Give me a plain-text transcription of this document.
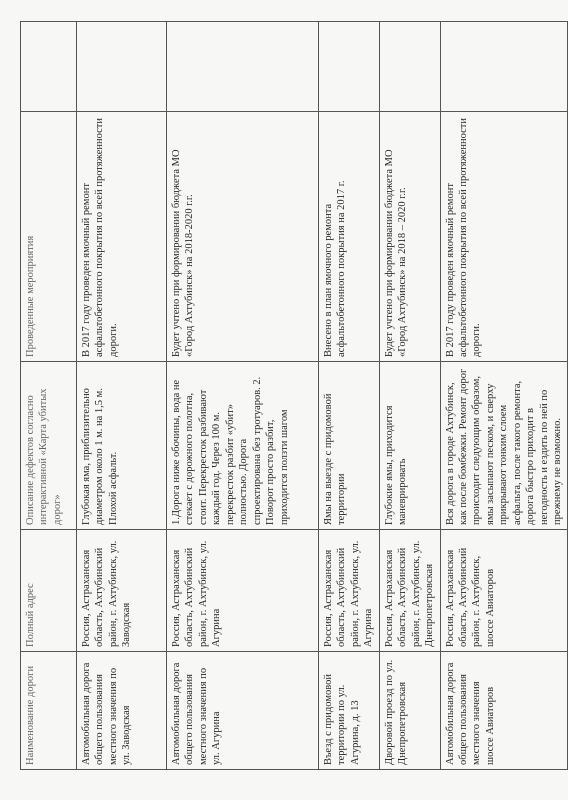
Наименование дороги	Полный адрес	Описание дефектов согласно интерактивной «Карта убитых дорог»	Проведенные мероприятия	
Автомобильная дорога общего пользования местного значения по ул. Заводская	Россия, Астраханская область, Ахтубинский район, г. Ахтубинск, ул. Заводская	Глубокая яма, приблизительно диаметром около 1 м. на 1,5 м. Плохой асфальт.	В 2017 году проведен ямочный ремонт асфальтобетонного покрытия по всей протяженности дороги.	
Автомобильная дорога общего пользования местного значения по ул. Агурина	Россия, Астраханская область, Ахтубинский район, г. Ахтубинск, ул. Агурина	1.Дорога ниже обочины, вода не стекает с дорожного полотна, стоит. Перекресток разбивают каждый год. Через 100 м. перекресток разбит «убит» полностью. Дорога спроектирована без тротуаров. 2. Поворот просто разбит, приходится ползти шагом	Будет учтено при формировании бюджета МО «Город Ахтубинск» на 2018-2020 г.г.	
Въезд с придомовой территории по ул. Агурина, д. 13	Россия, Астраханская область, Ахтубинский район, г. Ахтубинск, ул. Агурина	Ямы на выезде с придомовой территории	Внесено в план ямочного ремонта асфальтобетонного покрытия на 2017 г.	
Дворовой проезд по ул. Днепропетровская	Россия, Астраханская область, Ахтубинский район, г. Ахтубинск, ул. Днепропетровская	Глубокие ямы, приходится маневрировать	Будет учтено при формировании бюджета МО «Город Ахтубинск» на 2018 – 2020 г.г.	
Автомобильная дорога общего пользования местного значения шоссе Авиаторов	Россия, Астраханская область, Ахтубинский район, г. Ахтубинск, шоссе Авиаторов	Вся дорога в городе Ахтубинск, как после бомбежки. Ремонт дорог происходит следующим образом, ямы засыпают песком, и сверху прикрывают тонким слоем асфальта, после такого ремонта, дорога быстро приходит в негодность и ездить по ней по прежнему не возможно.	В 2017 году проведен ямочный ремонт асфальтобетонного покрытия по всей протяженности дороги.	
